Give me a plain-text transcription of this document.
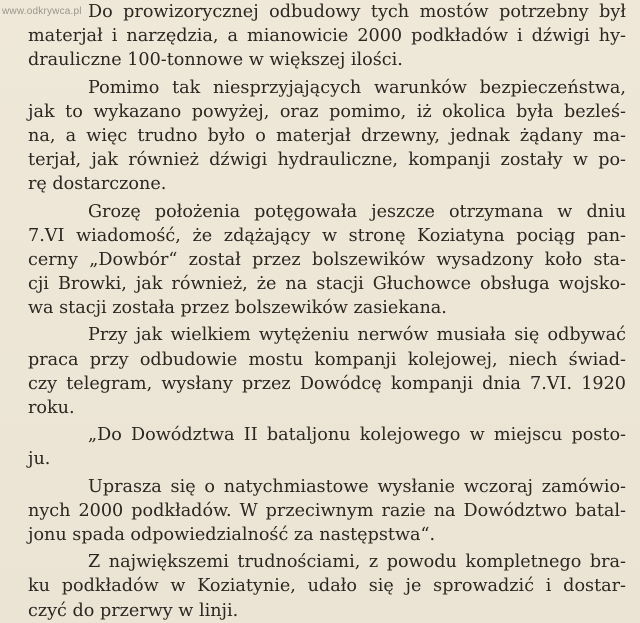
www.odkrywca.pl Do prowizorycznej odbudowy tych mostów potrzebny był
materjał i narzędzia, a mianowicie 2000 podkładów i dźwigi hy-
drauliczne 100-tonnowe w większej ilości.
Pomimo tak niesprzyjających warunków bezpieczeństwa,
jak to wykazano powyżej, oraz pomimo, iż okolica była bezleś-
na, a więc trudno było o materjał drzewny, jednak żądany ma-
terjał, jak również dźwigi hydrauliczne, kompanji zostały w po-
rę dostarczone.
Grozę położenia potęgowała jeszcze otrzymana w dniu
7.VI wiadomość, że zdążający w stronę Koziatyna pociąg pan-
cerny „Dowbór“ został przez bolszewików wysadzony koło sta-
cji Browki, jak również, że na stacji Głuchowce obsługa wojsko-
wa stacji została przez bolszewików zasiekana.
Przy jak wielkiem wytężeniu nerwów musiała się odbywać
praca przy odbudowie mostu kompanji kolejowej, niech świad-
czy telegram, wysłany przez Dowódcę kompanji dnia 7.VI. 1920
roku.
„Do Dowództwa II bataljonu kolejowego w miejscu posto-
ju.
Uprasza się o natychmiastowe wysłanie wczoraj zamówio-
nych 2000 podkładów. W przeciwnym razie na Dowództwo batal-
jonu spada odpowiedzialność za następstwa“.
Z największemi trudnościami, z powodu kompletnego bra-
ku podkładów w Koziatynie, udało się je sprowadzić i dostar-
czyć do przerwy w linji.
